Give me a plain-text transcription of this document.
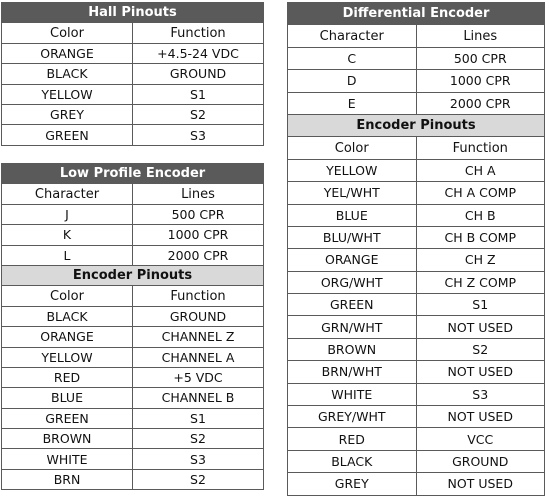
Hall Pinouts	
Color	Function
ORANGE	+4.5-24 VDC
BLACK	GROUND
YELLOW	S1
GREY	S2
GREEN	S3
Low Profile Encoder	
Character	Lines
J	500 CPR
K	1000 CPR
L	2000 CPR
Encoder Pinouts	
Color	Function
BLACK	GROUND
ORANGE	CHANNEL Z
YELLOW	CHANNEL A
RED	+5 VDC
BLUE	CHANNEL B
GREEN	S1
BROWN	S2
WHITE	S3
BRN	S2
Differential Encoder	
Character	Lines
C	500 CPR
D	1000 CPR
E	2000 CPR
Encoder Pinouts	
Color	Function
YELLOW	CH A
YEL/WHT	CH A COMP
BLUE	CH B
BLU/WHT	CH B COMP
ORANGE	CH Z
ORG/WHT	CH Z COMP
GREEN	S1
GRN/WHT	NOT USED
BROWN	S2
BRN/WHT	NOT USED
WHITE	S3
GREY/WHT	NOT USED
RED	VCC
BLACK	GROUND
GREY	NOT USED
